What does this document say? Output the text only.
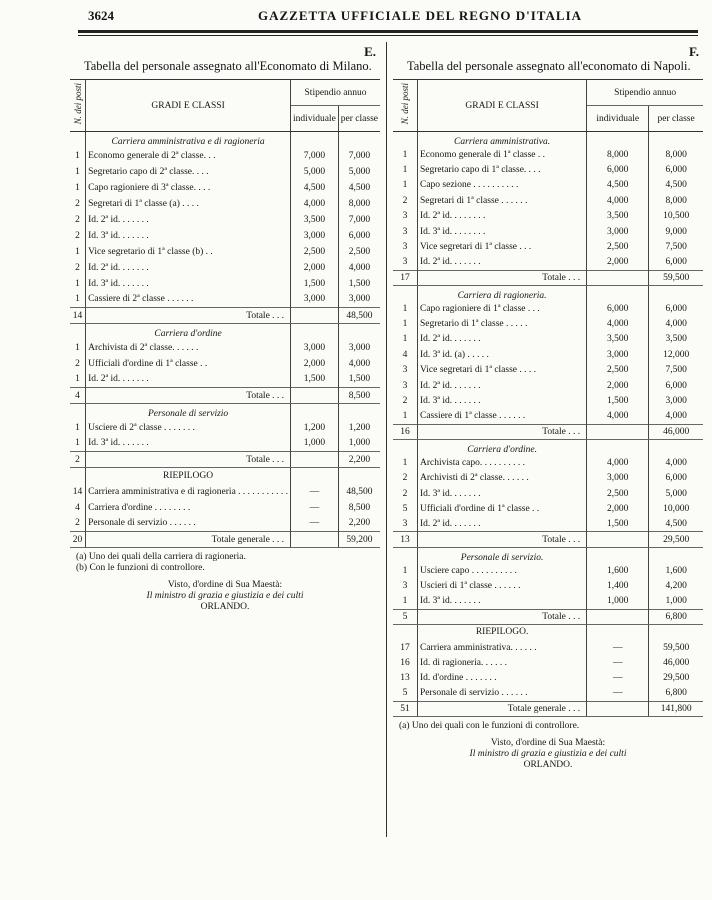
3624	GAZZETTA UFFICIALE DEL REGNO D'ITALIA
E.
Tabella del personale assegnato all'Economato di Milano.
N. dei posti	GRADI E CLASSI	Stipendio annuo	
		individuale	per classe
	Carriera amministrativa e di ragioneria		
1	Economo generale di 2ª classe. . .	7,000	7,000
1	Segretario capo di 2ª classe. . . .	5,000	5,000
1	Capo ragioniere di 3ª classe. . . .	4,500	4,500
2	Segretari di 1ª classe (a) . . . .	4,000	8,000
2	Id. 2ª id. . . . . . .	3,500	7,000
2	Id. 3ª id. . . . . . .	3,000	6,000
1	Vice segretario di 1ª classe (b) . .	2,500	2,500
2	Id. 2ª id. . . . . . .	2,000	4,000
1	Id. 3ª id. . . . . . .	1,500	1,500
1	Cassiere di 2ª classe . . . . . .	3,000	3,000
14	Totale . . .		48,500
	Carriera d'ordine		
1	Archivista di 2ª classe. . . . . .	3,000	3,000
2	Ufficiali d'ordine di 1ª classe . .	2,000	4,000
1	Id. 2ª id. . . . . . .	1,500	1,500
4	Totale . . .		8,500
	Personale di servizio		
1	Usciere di 2ª classe . . . . . . .	1,200	1,200
1	Id. 3ª id. . . . . . .	1,000	1,000
2	Totale . . .		2,200
	RIEPILOGO		
14	Carriera amministrativa e di ragioneria . . . . . . . . . . .	—	48,500
4	Carriera d'ordine . . . . . . . .	—	8,500
2	Personale di servizio . . . . . .	—	2,200
20	Totale generale . . .		59,200
(a) Uno dei quali della carriera di ragioneria.
(b) Con le funzioni di controllore.
Visto, d'ordine di Sua Maestà:
Il ministro di grazia e giustizia e dei culti
ORLANDO.
F.
Tabella del personale assegnato all'economato di Napoli.
N. dei posti	GRADI E CLASSI	Stipendio annuo	
		individuale	per classe
	Carriera amministrativa.		
1	Economo generale di 1ª classe . .	8,000	8,000
1	Segretario capo di 1ª classe. . . .	6,000	6,000
1	Capo sezione . . . . . . . . . .	4,500	4,500
2	Segretari di 1ª classe . . . . . .	4,000	8,000
3	Id. 2ª id. . . . . . . .	3,500	10,500
3	Id. 3ª id. . . . . . . .	3,000	9,000
3	Vice segretari di 1ª classe . . .	2,500	7,500
3	Id. 2ª id. . . . . . .	2,000	6,000
17	Totale . . .		59,500
	Carriera di ragioneria.		
1	Capo ragioniere di 1ª classe . . .	6,000	6,000
1	Segretario di 1ª classe . . . . .	4,000	4,000
1	Id. 2ª id. . . . . . .	3,500	3,500
4	Id. 3ª id. (a) . . . . .	3,000	12,000
3	Vice segretari di 1ª classe . . . .	2,500	7,500
3	Id. 2ª id. . . . . . .	2,000	6,000
2	Id. 3ª id. . . . . . .	1,500	3,000
1	Cassiere di 1ª classe . . . . . .	4,000	4,000
16	Totale . . .		46,000
	Carriera d'ordine.		
1	Archivista capo. . . . . . . . . .	4,000	4,000
2	Archivisti di 2ª classe. . . . . .	3,000	6,000
2	Id. 3ª id. . . . . . .	2,500	5,000
5	Ufficiali d'ordine di 1ª classe . .	2,000	10,000
3	Id. 2ª id. . . . . . .	1,500	4,500
13	Totale . . .		29,500
	Personale di servizio.		
1	Usciere capo . . . . . . . . . .	1,600	1,600
3	Uscieri di 1ª classe . . . . . .	1,400	4,200
1	Id. 3ª id. . . . . . .	1,000	1,000
5	Totale . . .		6,800
	RIEPILOGO.		
17	Carriera amministrativa. . . . . .	—	59,500
16	Id. di ragioneria. . . . . .	—	46,000
13	Id. d'ordine . . . . . . .	—	29,500
5	Personale di servizio . . . . . .	—	6,800
51	Totale generale . . .		141,800
(a) Uno dei quali con le funzioni di controllore.
Visto, d'ordine di Sua Maestà:
Il ministro di grazia e giustizia e dei culti
ORLANDO.
